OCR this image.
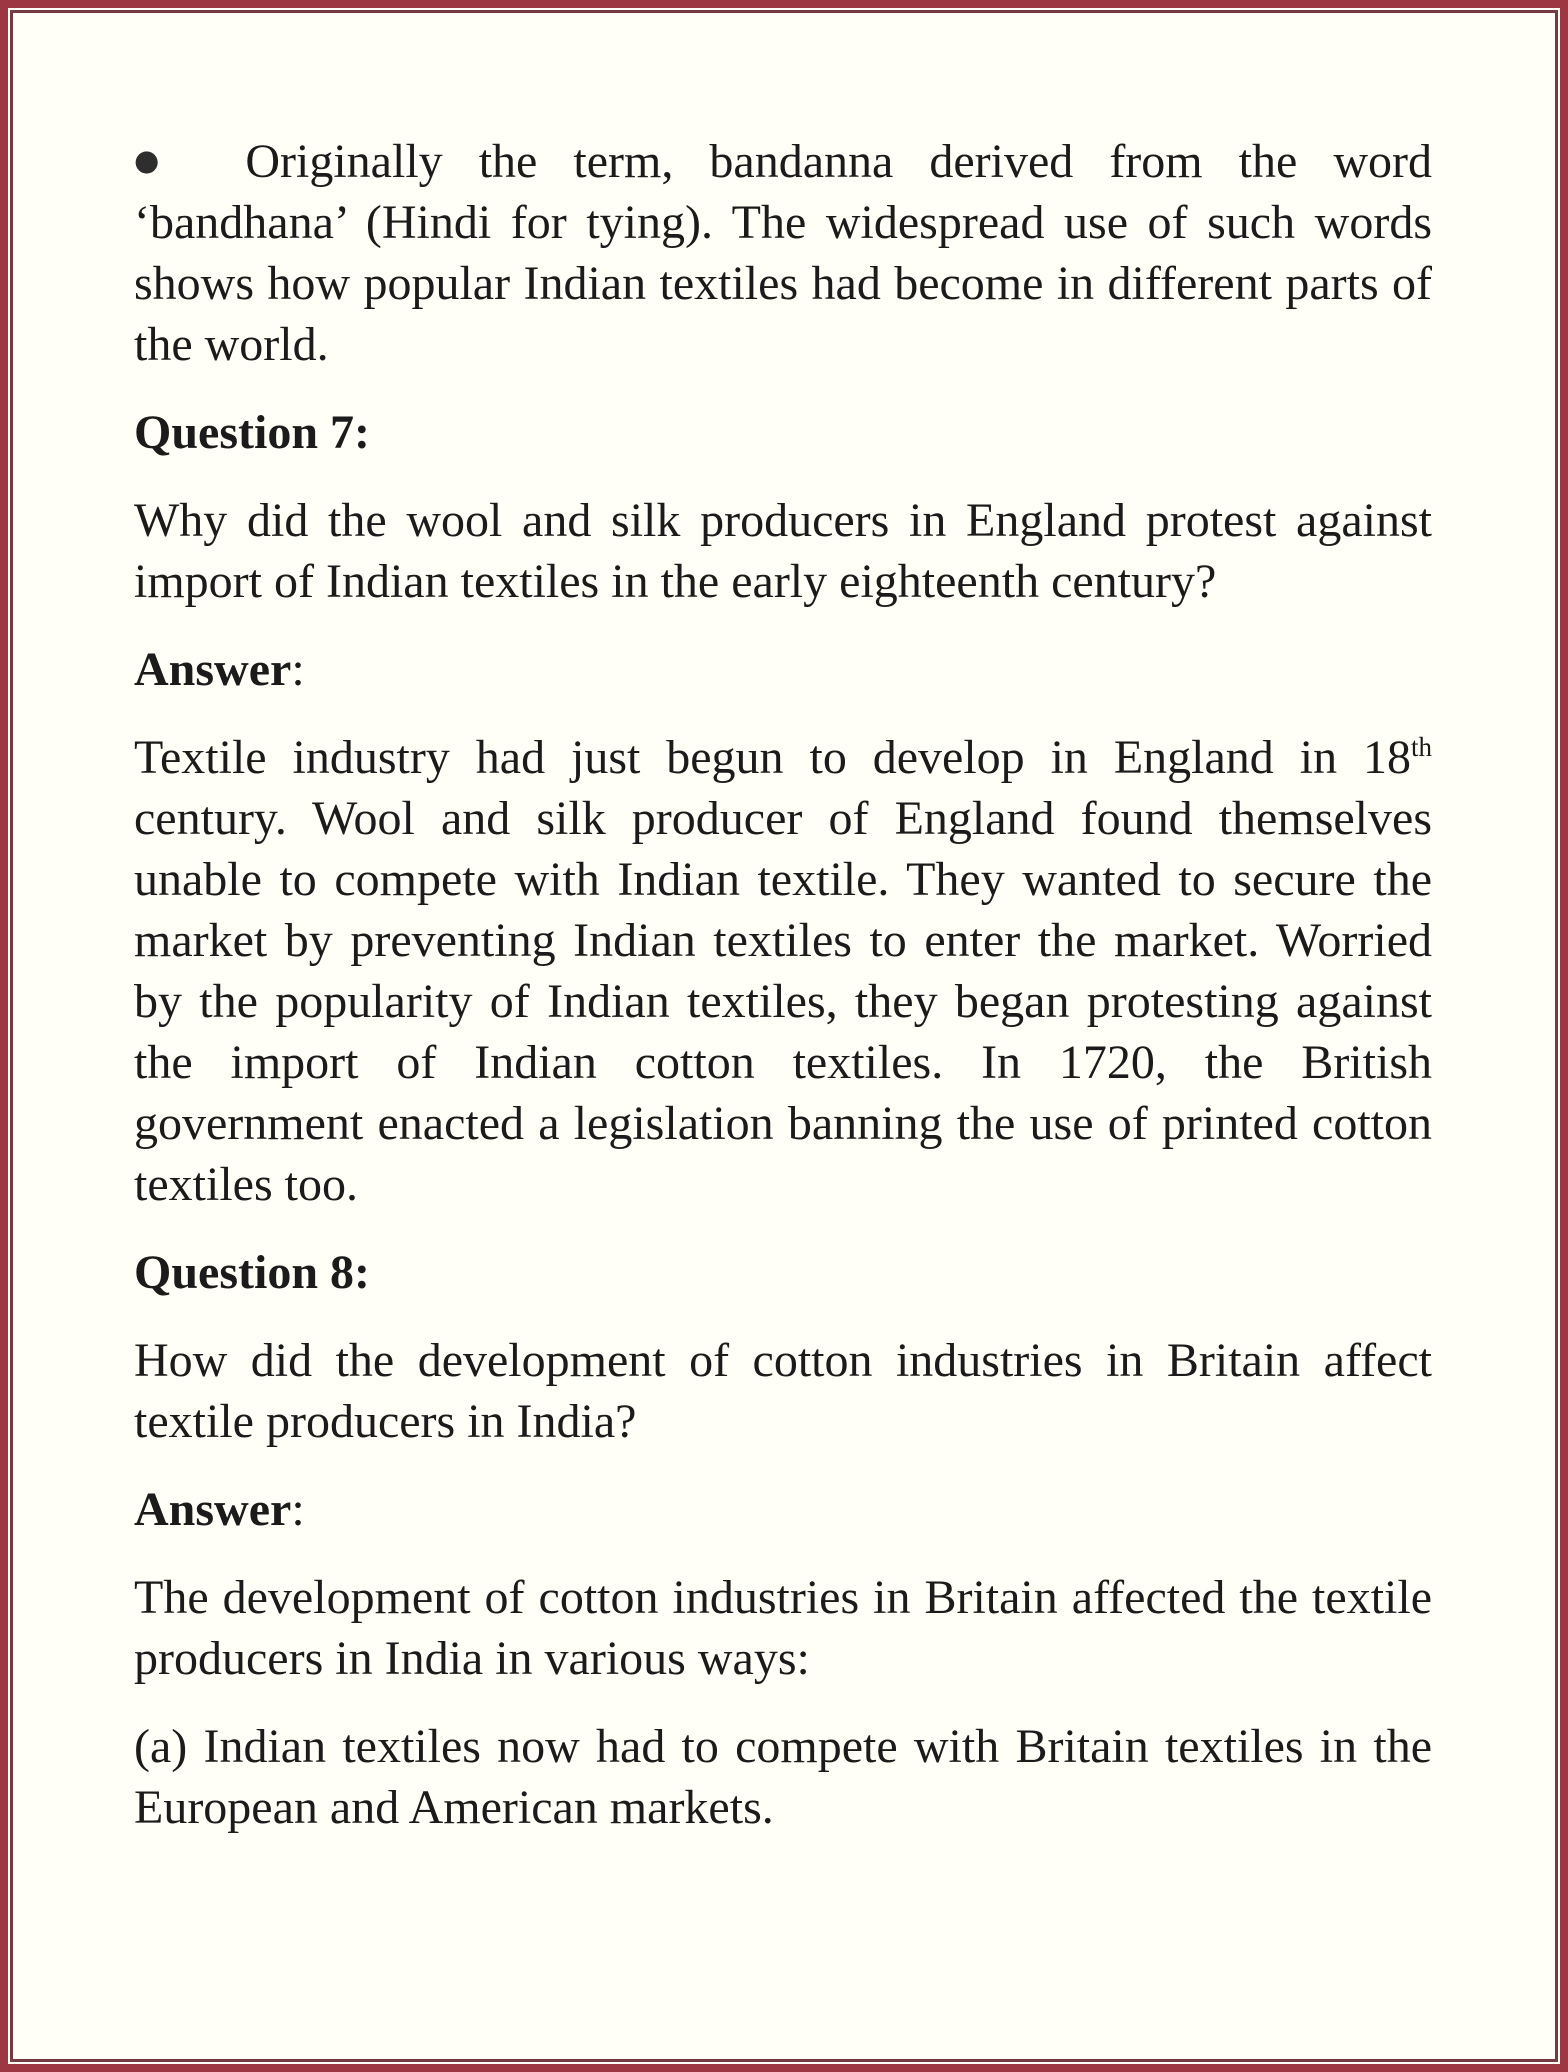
● Originally the term, bandanna derived from the word ‘bandhana’ (Hindi for tying). The widespread use of such words shows how popular Indian textiles had become in different parts of the world.

Question 7:

Why did the wool and silk producers in England protest against import of Indian textiles in the early eighteenth century?

Answer:

Textile industry had just begun to develop in England in 18th century. Wool and silk producer of England found themselves unable to compete with Indian textile. They wanted to secure the market by preventing Indian textiles to enter the market. Worried by the popularity of Indian textiles, they began protesting against the import of Indian cotton textiles. In 1720, the British government enacted a legislation banning the use of printed cotton textiles too.

Question 8:

How did the development of cotton industries in Britain affect textile producers in India?

Answer:

The development of cotton industries in Britain affected the textile producers in India in various ways:

(a) Indian textiles now had to compete with Britain textiles in the European and American markets.
